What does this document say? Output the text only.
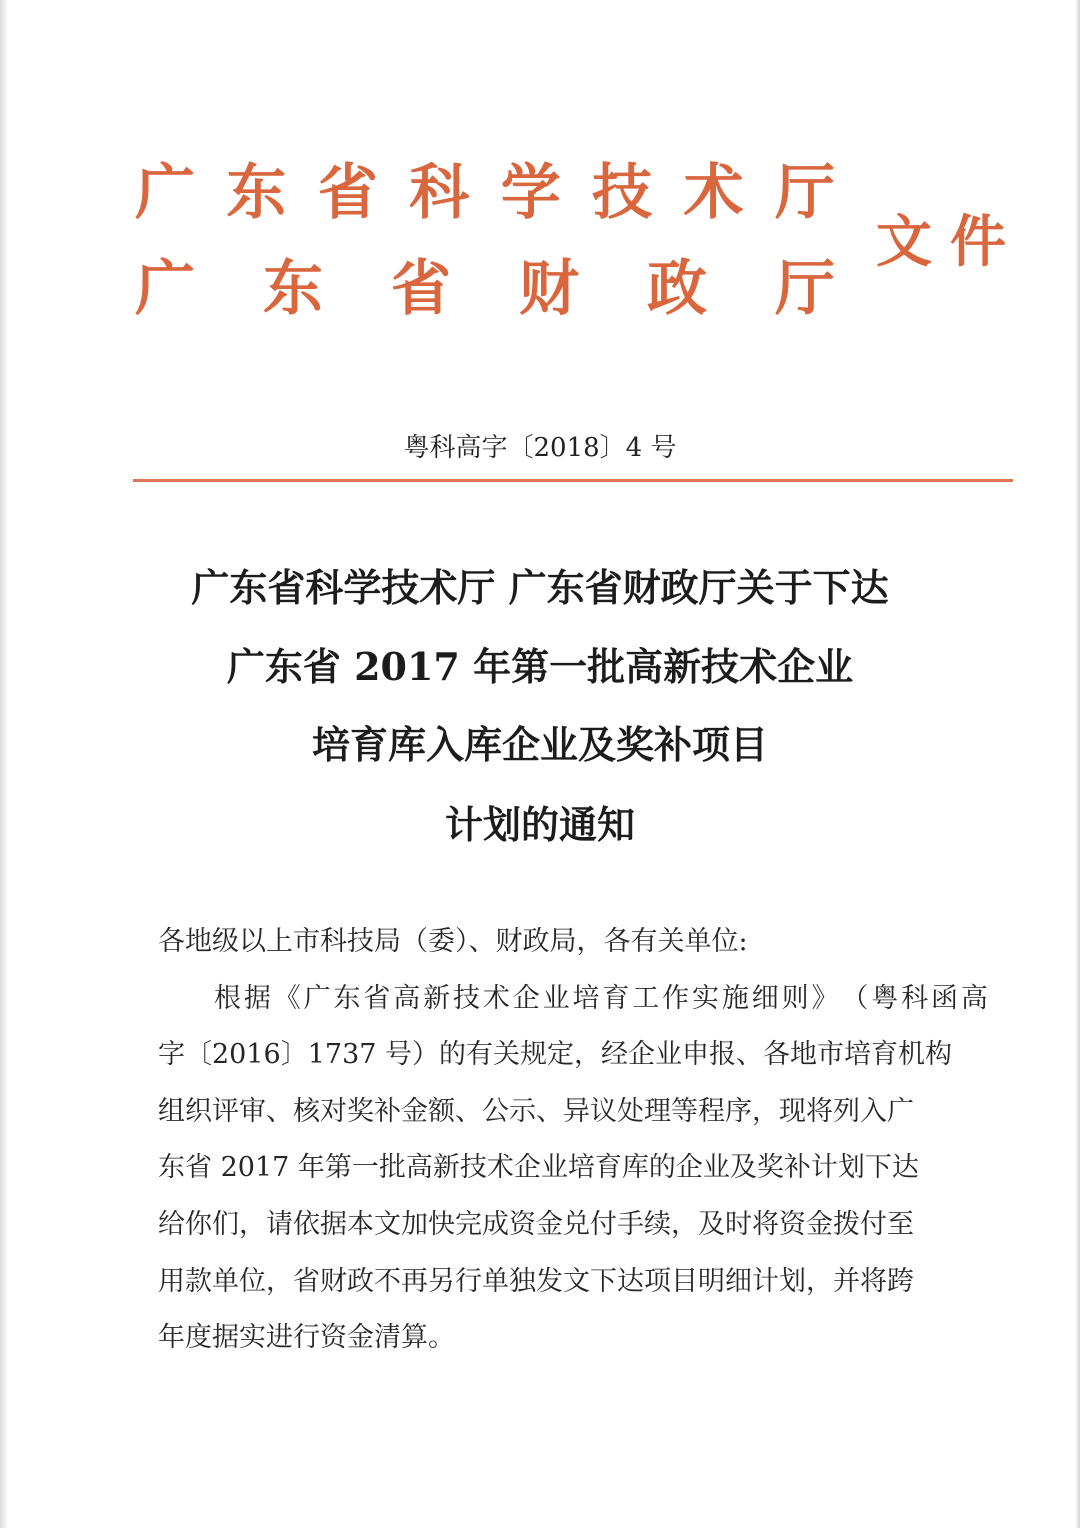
广 东 省 科 学 技 术 厅
广 东 省 财 政 厅
文 件
粤科高字〔2018〕4 号
广东省科学技术厅 广东省财政厅关于下达
广东省 2017 年第一批高新技术企业
培育库入库企业及奖补项目
计划的通知
各地级以上市科技局（委）、财政局，各有关单位:
根 据 《 广 东 省 高 新 技 术 企 业 培 育 工 作 实 施 细 则 》 （ 粤 科 函 高
字〔2016〕1737 号）的有关规定，经企业申报、各地市培育机构
组织评审、核对奖补金额、公示、异议处理等程序，现将列入广
东省 2017 年第一批高新技术企业培育库的企业及奖补计划下达
给你们，请依据本文加快完成资金兑付手续，及时将资金拨付至
用款单位，省财政不再另行单独发文下达项目明细计划，并将跨
年度据实进行资金清算。
